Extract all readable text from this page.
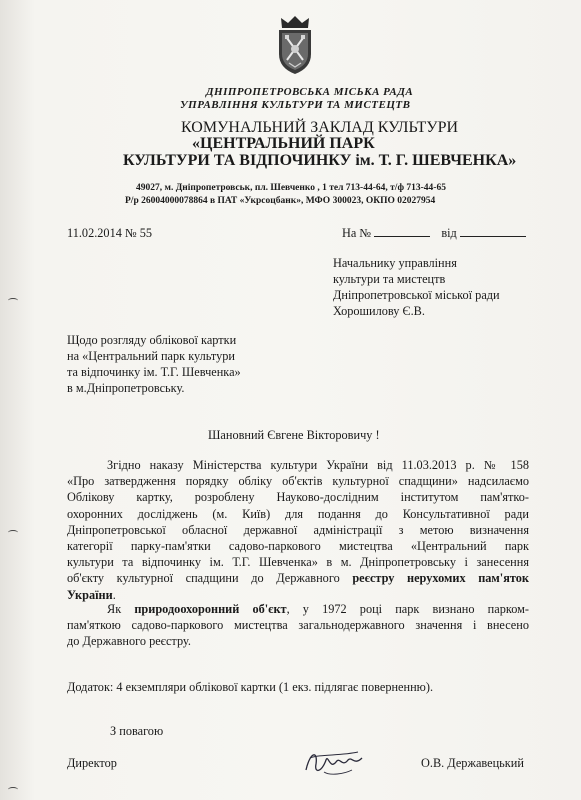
ДНІПРОПЕТРОВСЬКА МІСЬКА РАДА
УПРАВЛІННЯ КУЛЬТУРИ ТА МИСТЕЦТВ
КОМУНАЛЬНИЙ ЗАКЛАД КУЛЬТУРИ
«ЦЕНТРАЛЬНИЙ ПАРК
КУЛЬТУРИ ТА ВІДПОЧИНКУ ім. Т. Г. ШЕВЧЕНКА»
49027, м. Дніпропетровськ, пл. Шевченко , 1 тел 713-44-64, т/ф 713-44-65
Р/р 26004000078864 в ПАТ «Укрсоцбанк», МФО 300023, ОКПО 02027954
11.02.2014 № 55	На №	від
Начальнику управління
культури та мистецтв
Дніпропетровської міської ради
Хорошилову Є.В.
Щодо розгляду облікової картки
на «Центральний парк культури
та відпочинку ім. Т.Г. Шевченка»
в м.Дніпропетровську.
Шановний Євгене Вікторовичу !
Згідно наказу Міністерства культури України від 11.03.2013 р. № 158
«Про затвердження порядку обліку об'єктів культурної спадщини» надсилаємо
Облікову картку, розроблену Науково-дослідним інститутом пам'ятко-
охоронних досліджень (м. Київ) для подання до Консультативної ради
Дніпропетровської обласної державної адміністрації з метою визначення
категорії парку-пам'ятки садово-паркового мистецтва «Центральний парк
культури та відпочинку ім. Т.Г. Шевченка» в м. Дніпропетровську і занесення
об'єкту культурної спадщини до Державного реєстру нерухомих пам'яток
України.
Як природоохоронний об'єкт, у 1972 році парк визнано парком-
пам'яткою садово-паркового мистецтва загальнодержавного значення і внесено
до Державного реєстру.
Додаток: 4 екземпляри облікової картки (1 екз. підлягає поверненню).
З повагою
Директор	О.В. Державецький
